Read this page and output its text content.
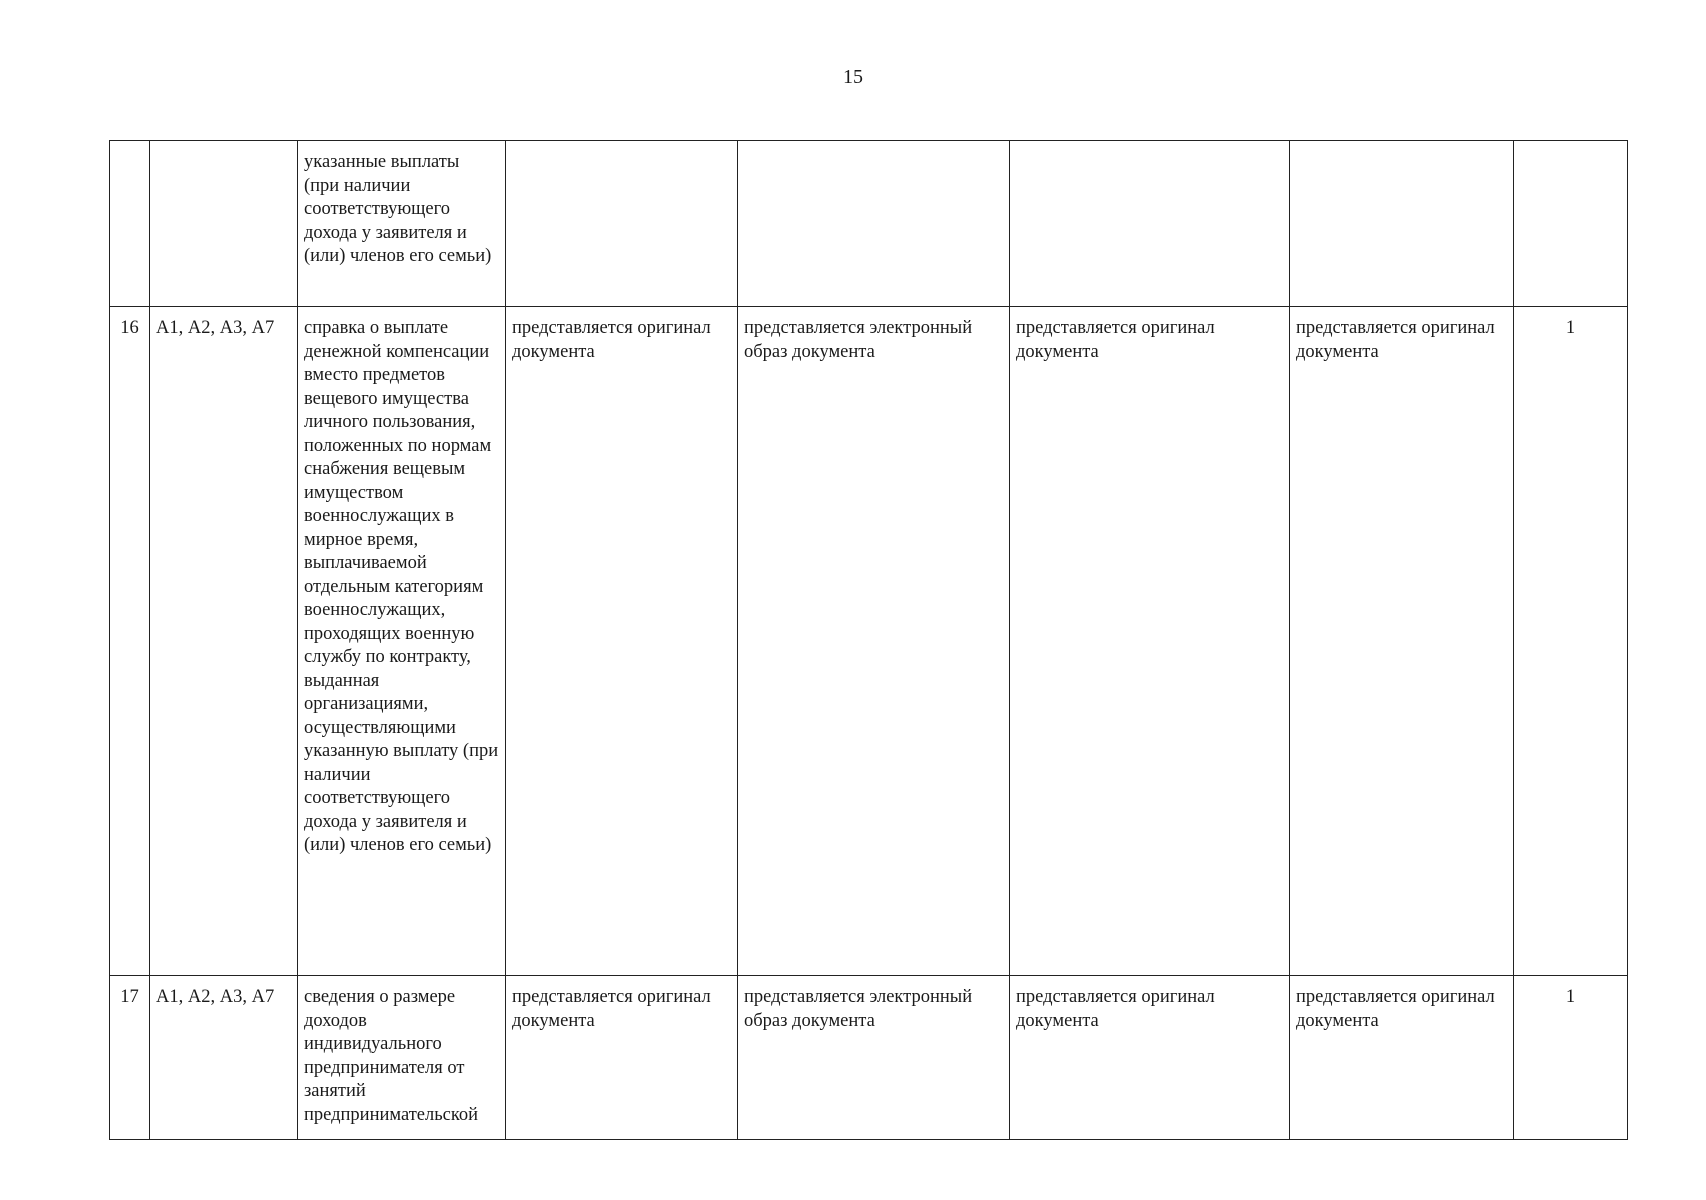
15
		указанные выплаты (при наличии соответствующего дохода у заявителя и (или) членов его семьи)					
16	А1, А2, А3, А7	справка о выплате денежной компенсации вместо предметов вещевого имущества личного пользования, положенных по нормам снабжения вещевым имуществом военнослужащих в мирное время, выплачиваемой отдельным категориям военнослужащих, проходящих военную службу по контракту, выданная организациями, осуществляющими указанную выплату (при наличии соответствующего дохода у заявителя и (или) членов его семьи)	представляется оригинал документа	представляется электронный образ документа	представляется оригинал документа	представляется оригинал документа	1
17	А1, А2, А3, А7	сведения о размере доходов индивидуального предпринимателя от занятий предпринимательской	представляется оригинал документа	представляется электронный образ документа	представляется оригинал документа	представляется оригинал документа	1
